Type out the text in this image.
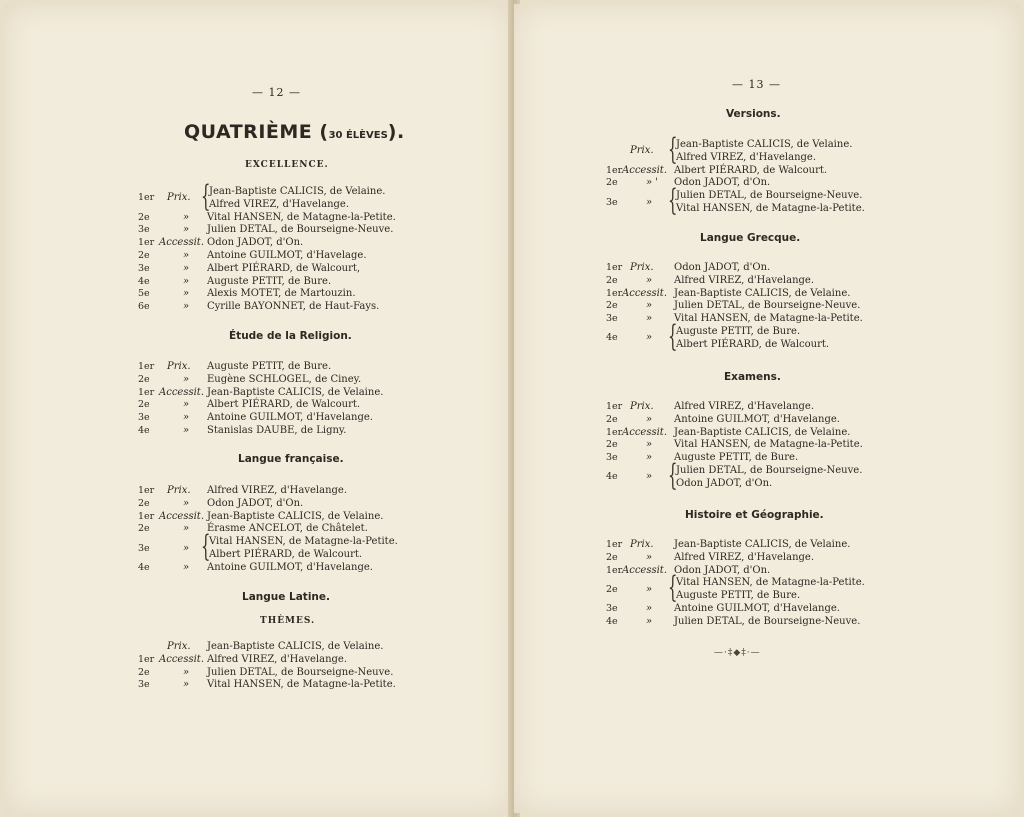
— 12 —
QUATRIÈME (30 ÉLÈVES).
EXCELLENCE.
Étude de la Religion.
Langue française.
Langue Latine.
THÈMES.
1er	Prix. {
Jean-Baptiste CALICIS, de Velaine.
Alfred VIREZ, d'Havelange.
2e	» Vital HANSEN, de Matagne-la-Petite.
3e	» Julien DETAL, de Bourseigne-Neuve.
1er Accessit. Odon JADOT, d'On.
2e	» Antoine GUILMOT, d'Havelage.
3e	» Albert PIÉRARD, de Walcourt,
4e	» Auguste PETIT, de Bure.
5e	» Alexis MOTET, de Martouzin.
6e	» Cyrille BAYONNET, de Haut-Fays.
1er	Prix. Auguste PETIT, de Bure.
2e	» Eugène SCHLOGEL, de Ciney.
1er Accessit. Jean-Baptiste CALICIS, de Velaine.
2e	» Albert PIÉRARD, de Walcourt.
3e	» Antoine GUILMOT, d'Havelange.
4e	» Stanislas DAUBE, de Ligny.
1er	Prix. Alfred VIREZ, d'Havelange.
2e	» Odon JADOT, d'On.
1er Accessit. Jean-Baptiste CALICIS, de Velaine.
2e	» Érasme ANCELOT, de Châtelet.
3e	» {
Vital HANSEN, de Matagne-la-Petite.
Albert PIÉRARD, de Walcourt.
4e	» Antoine GUILMOT, d'Havelange.
Prix. Jean-Baptiste CALICIS, de Velaine.
1er Accessit. Alfred VIREZ, d'Havelange.
2e	» Julien DETAL, de Bourseigne-Neuve.
3e	» Vital HANSEN, de Matagne-la-Petite.
— 13 —
Versions.
Langue Grecque.
Examens.
Histoire et Géographie.
—·‡◆‡·—
Prix. {
Jean-Baptiste CALICIS, de Velaine.
Alfred VIREZ, d'Havelange.
1er Accessit. Albert PIÉRARD, de Walcourt.
2e	» ' Odon JADOT, d'On.
3e	» {
Julien DETAL, de Bourseigne-Neuve.
Vital HANSEN, de Matagne-la-Petite.
1er Prix. Odon JADOT, d'On.
2e	» Alfred VIREZ, d'Havelange.
1er Accessit. Jean-Baptiste CALICIS, de Velaine.
2e	» Julien DETAL, de Bourseigne-Neuve.
3e	» Vital HANSEN, de Matagne-la-Petite.
4e	» {
Auguste PETIT, de Bure.
Albert PIÉRARD, de Walcourt.
1er Prix. Alfred VIREZ, d'Havelange.
2e	» Antoine GUILMOT, d'Havelange.
1er Accessit. Jean-Baptiste CALICIS, de Velaine.
2e	» Vital HANSEN, de Matagne-la-Petite.
3e	» Auguste PETIT, de Bure.
4e	» {
Julien DETAL, de Bourseigne-Neuve.
Odon JADOT, d'On.
1er Prix. Jean-Baptiste CALICIS, de Velaine.
2e	» Alfred VIREZ, d'Havelange.
1er Accessit. Odon JADOT, d'On.
2e	» {
Vital HANSEN, de Matagne-la-Petite.
Auguste PETIT, de Bure.
3e	» Antoine GUILMOT, d'Havelange.
4e	» Julien DETAL, de Bourseigne-Neuve.
